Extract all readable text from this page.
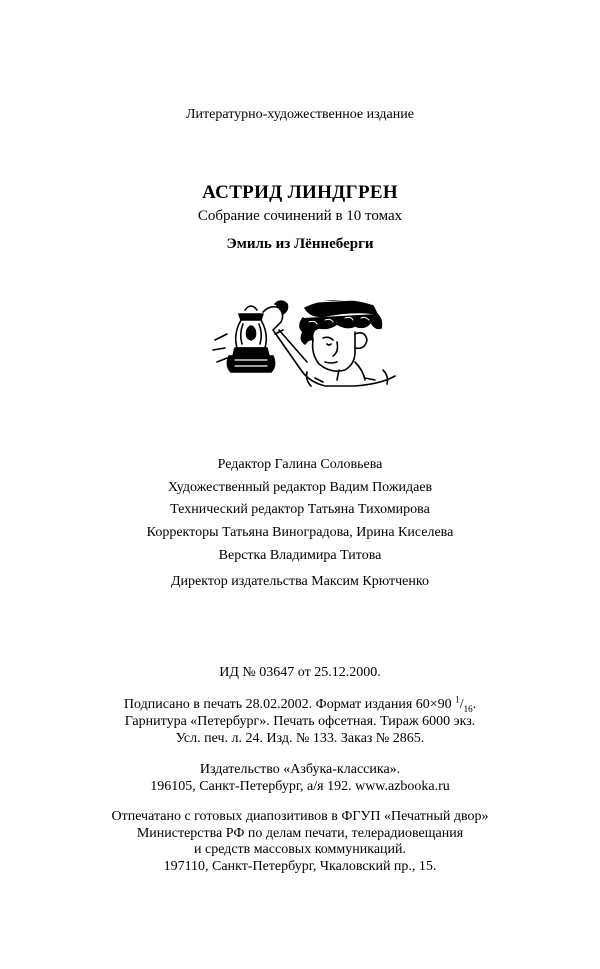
Литературно-художественное издание
АСТРИД ЛИНДГРЕН
Собрание сочинений в 10 томах
Эмиль из Лённеберги
Редактор Галина Соловьева
Художественный редактор Вадим Пожидаев
Технический редактор Татьяна Тихомирова
Корректоры Татьяна Виноградова, Ирина Киселева
Верстка Владимира Титова
Директор издательства Максим Крютченко
ИД № 03647 от 25.12.2000.
Подписано в печать 28.02.2002. Формат издания 60×90 $^1/_{16}$.
Гарнитура «Петербург». Печать офсетная. Тираж 6000 экз.
Усл. печ. л. 24. Изд. № 133. Заказ № 2865.
Издательство «Азбука-классика».
196105, Санкт-Петербург, а/я 192. www.azbooka.ru
Отпечатано с готовых диапозитивов в ФГУП «Печатный двор»
Министерства РФ по делам печати, телерадиовещания
и средств массовых коммуникаций.
197110, Санкт-Петербург, Чкаловский пр., 15.
